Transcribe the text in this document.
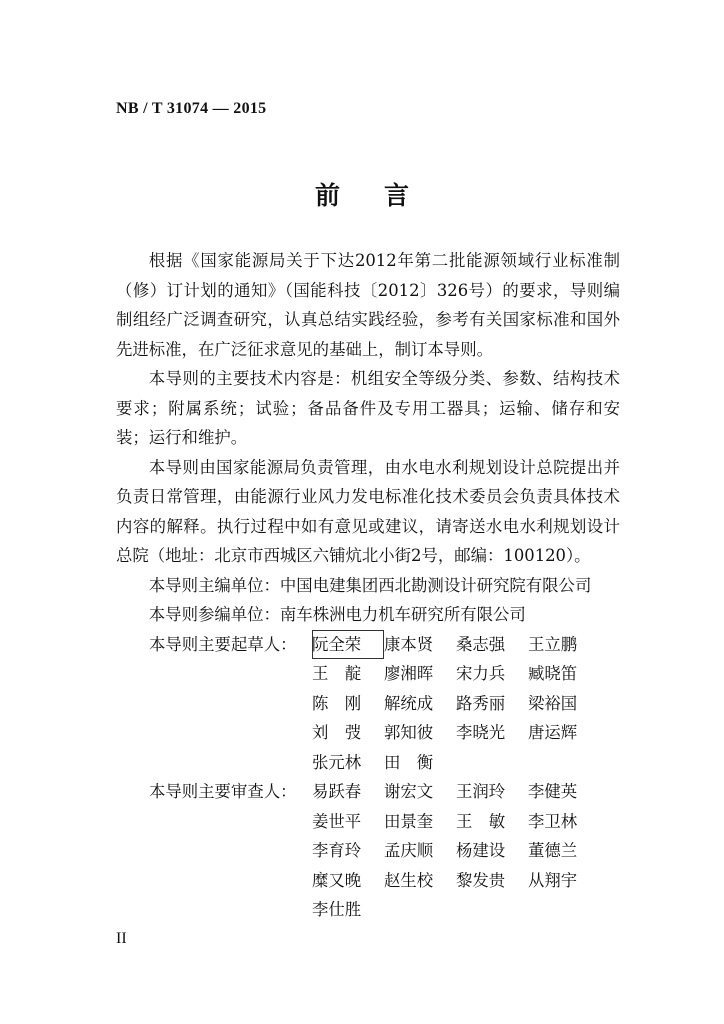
NB / T 31074 — 2015
前 言

根据《国家能源局关于下达2012年第二批能源领域行业标准制（修）订计划的通知》（国能科技〔2012〕326号）的要求，导则编制组经广泛调查研究，认真总结实践经验，参考有关国家标准和国外先进标准，在广泛征求意见的基础上，制订本导则。

本导则的主要技术内容是：机组安全等级分类、参数、结构技术要求；附属系统；试验；备品备件及专用工器具；运输、储存和安装；运行和维护。

本导则由国家能源局负责管理，由水电水利规划设计总院提出并负责日常管理，由能源行业风力发电标准化技术委员会负责具体技术内容的解释。执行过程中如有意见或建议，请寄送水电水利规划设计总院（地址：北京市西城区六铺炕北小街2号，邮编：100120）。

本导则主编单位：中国电建集团西北勘测设计研究院有限公司

本导则参编单位：南车株洲电力机车研究所有限公司

本导则主要起草人： 阮全荣	康本贤	桑志强	王立鹏
王　靛	廖湘晖	宋力兵	臧晓笛
陈　刚	解统成	路秀丽	梁裕国
刘　弢	郭知彼	李晓光	唐运辉
张元林	田　衡
本导则主要审查人： 易跃春	谢宏文	王润玲	李健英
姜世平	田景奎	王　敏	李卫林
李育玲	孟庆顺	杨建设	董德兰
糜又晚	赵生校	黎发贵	从翔宇
李仕胜
II
